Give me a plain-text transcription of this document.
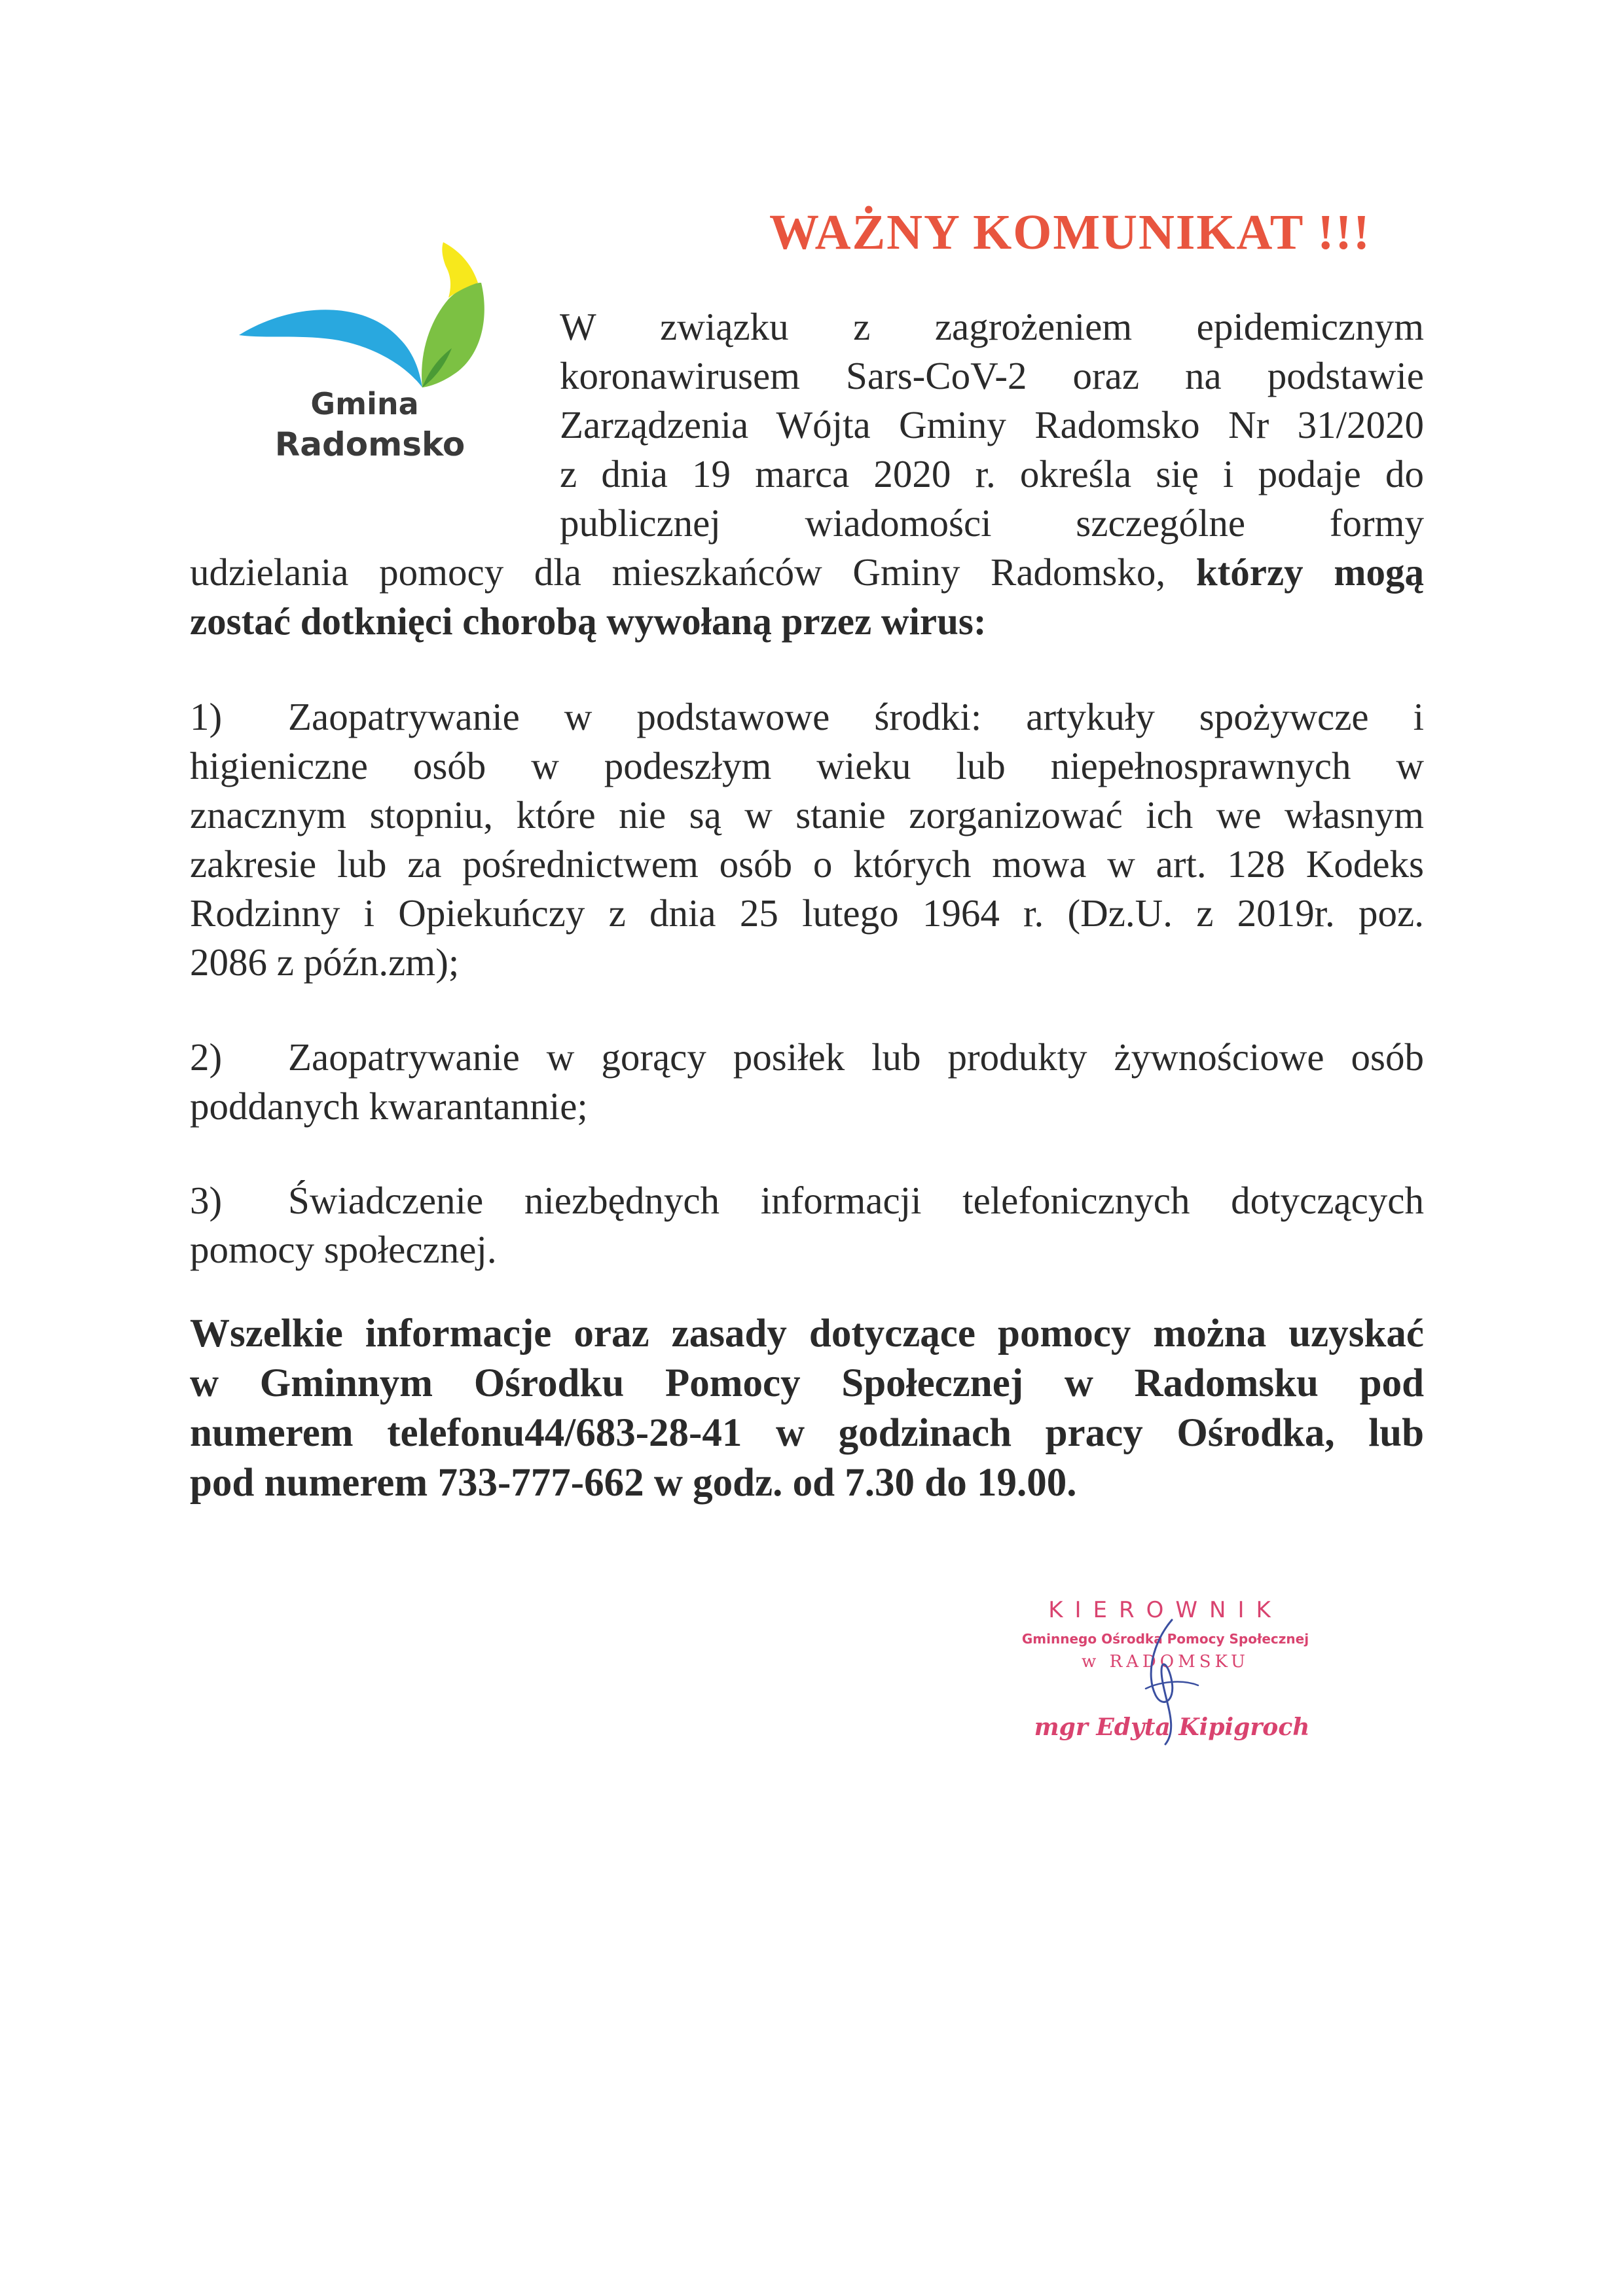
Gmina
Radomsko
WAŻNY KOMUNIKAT !!!
W związku z zagrożeniem epidemicznym
koronawirusem Sars-CoV-2 oraz na podstawie
Zarządzenia Wójta Gminy Radomsko Nr 31/2020
z dnia 19 marca 2020 r. określa się i podaje do
publicznej wiadomości szczególne formy
udzielania pomocy dla mieszkańców Gminy Radomsko, którzy mogą
zostać dotknięci chorobą wywołaną przez wirus:
1) Zaopatrywanie w podstawowe środki: artykuły spożywcze i
higieniczne osób w podeszłym wieku lub niepełnosprawnych w
znacznym stopniu, które nie są w stanie zorganizować ich we własnym
zakresie lub za pośrednictwem osób o których mowa w art. 128 Kodeks
Rodzinny i Opiekuńczy z dnia 25 lutego 1964 r. (Dz.U. z 2019r. poz.
2086 z późn.zm);
2) Zaopatrywanie w gorący posiłek lub produkty żywnościowe osób
poddanych kwarantannie;
3) Świadczenie niezbędnych informacji telefonicznych dotyczących
pomocy społecznej.
Wszelkie informacje oraz zasady dotyczące pomocy można uzyskać
w Gminnym Ośrodku Pomocy Społecznej w Radomsku pod
numerem telefonu44/683-28-41 w godzinach pracy Ośrodka, lub
pod numerem 733-777-662 w godz. od 7.30 do 19.00.
KIEROWNIK
Gminnego Ośrodka Pomocy Społecznej
w RADOMSKU
mgr Edyta Kipigroch
